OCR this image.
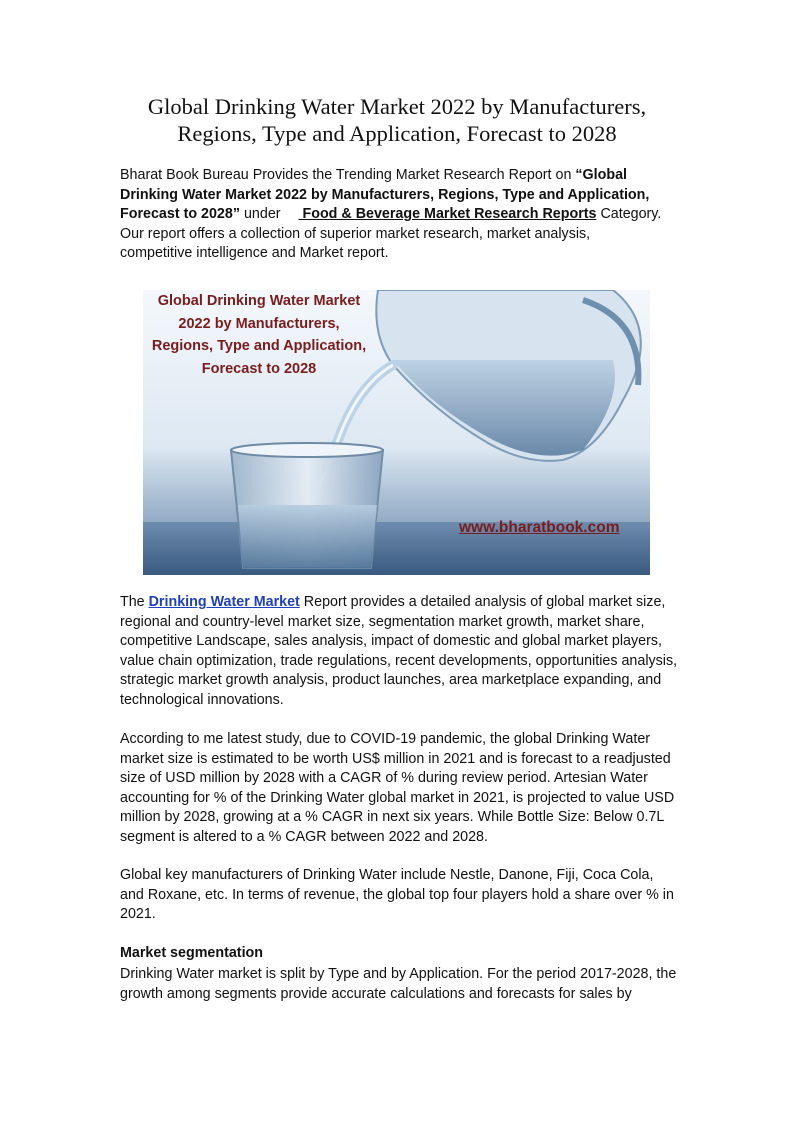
Global Drinking Water Market 2022 by Manufacturers,
Regions, Type and Application, Forecast to 2028

Bharat Book Bureau Provides the Trending Market Research Report on “Global
Drinking Water Market 2022 by Manufacturers, Regions, Type and Application,
Forecast to 2028” under  Food & Beverage Market Research Reports Category.
Our report offers a collection of superior market research, market analysis,
competitive intelligence and Market report.

Global Drinking Water Market
2022 by Manufacturers,
Regions, Type and Application,
Forecast to 2028
www.bharatbook.com

The Drinking Water Market Report provides a detailed analysis of global market size, regional and country-level market size, segmentation market growth, market share, competitive Landscape, sales analysis, impact of domestic and global market players, value chain optimization, trade regulations, recent developments, opportunities analysis, strategic market growth analysis, product launches, area marketplace expanding, and technological innovations.

According to me latest study, due to COVID-19 pandemic, the global Drinking Water market size is estimated to be worth US$ million in 2021 and is forecast to a readjusted size of USD million by 2028 with a CAGR of % during review period. Artesian Water accounting for % of the Drinking Water global market in 2021, is projected to value USD million by 2028, growing at a % CAGR in next six years. While Bottle Size: Below 0.7L segment is altered to a % CAGR between 2022 and 2028.

Global key manufacturers of Drinking Water include Nestle, Danone, Fiji, Coca Cola, and Roxane, etc. In terms of revenue, the global top four players hold a share over % in 2021.

Market segmentation

Drinking Water market is split by Type and by Application. For the period 2017-2028, the growth among segments provide accurate calculations and forecasts for sales by
